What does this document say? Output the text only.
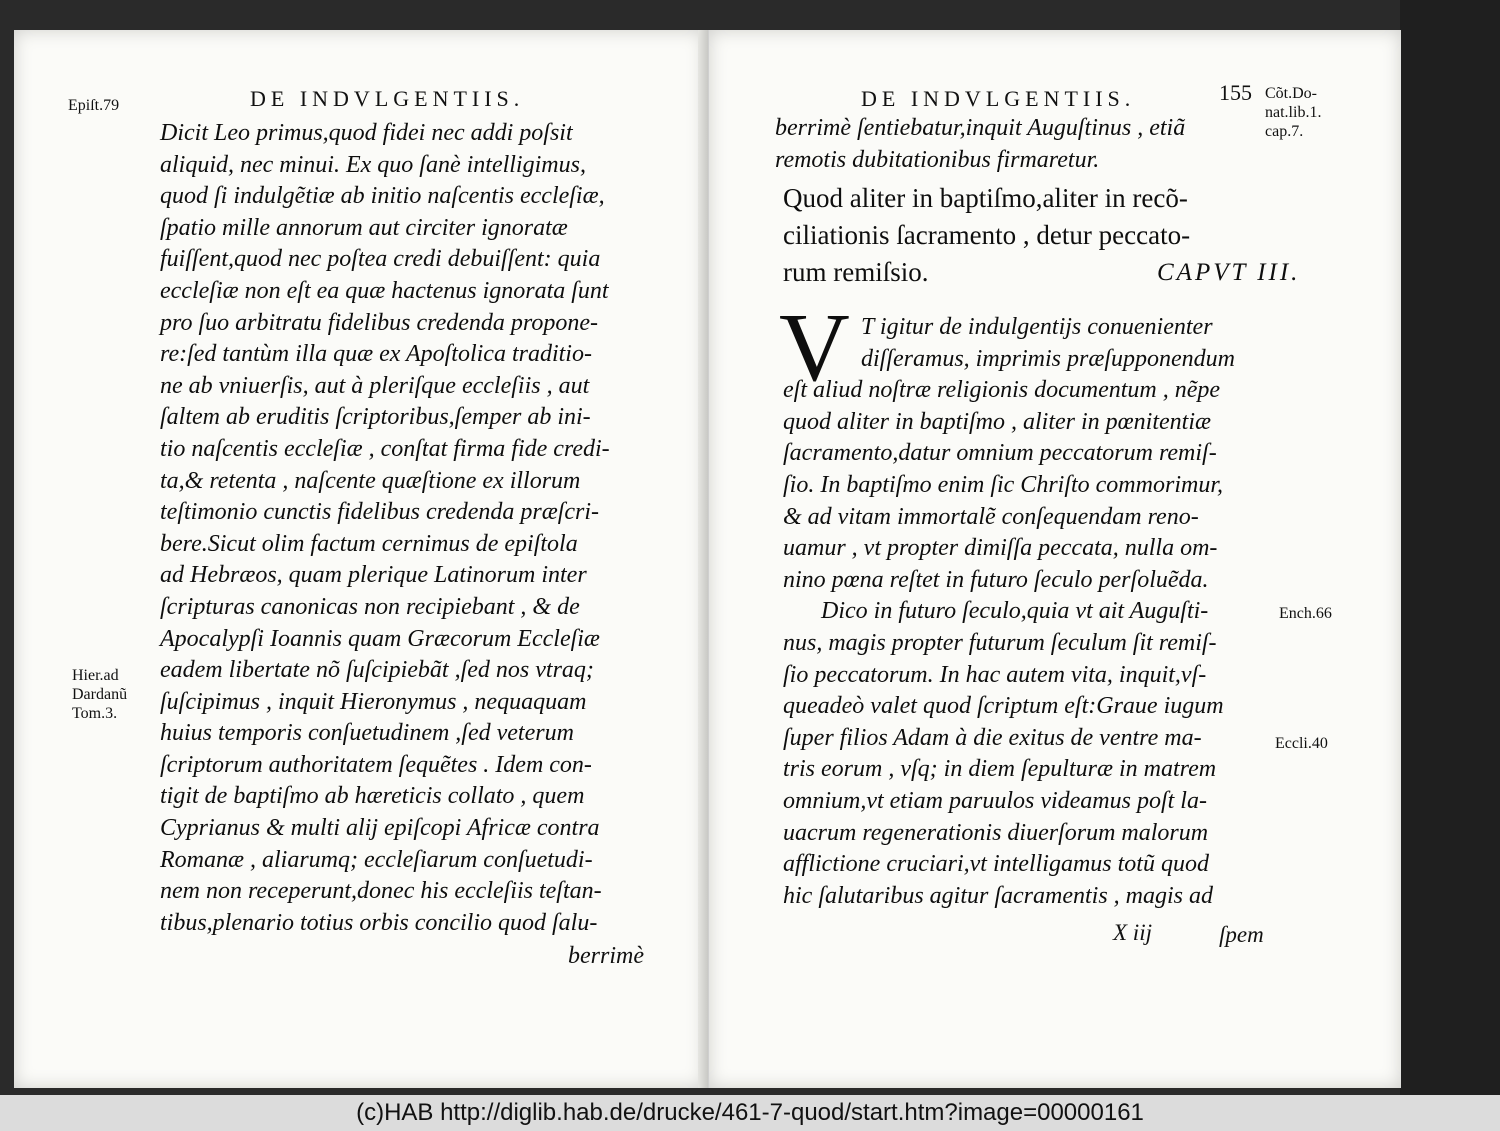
DE INDVLGENTIIS.
Epiſt.79
Hier.ad
Dardanũ
Tom.3.
Dicit Leo primus,quod fidei nec addi poſsit
aliquid, nec minui. Ex quo ſanè intelligimus,
quod ſi indulgẽtiæ ab initio naſcentis eccleſiæ,
ſpatio mille annorum aut circiter ignoratæ
fuiſſent,quod nec poſtea credi debuiſſent: quia
eccleſiæ non eſt ea quæ hactenus ignorata ſunt
pro ſuo arbitratu fidelibus credenda propone-
re:ſed tantùm illa quæ ex Apoſtolica traditio-
ne ab vniuerſis, aut à pleriſque eccleſiis , aut
ſaltem ab eruditis ſcriptoribus,ſemper ab ini-
tio naſcentis eccleſiæ , conſtat firma fide credi-
ta,& retenta , naſcente quæſtione ex illorum
teſtimonio cunctis fidelibus credenda præſcri-
bere.Sicut olim factum cernimus de epiſtola
ad Hebræos, quam plerique Latinorum inter
ſcripturas canonicas non recipiebant , & de
Apocalypſi Ioannis quam Græcorum Eccleſiæ
eadem libertate nõ ſuſcipiebãt ,ſed nos vtraq;
ſuſcipimus , inquit Hieronymus , nequaquam
huius temporis conſuetudinem ,ſed veterum
ſcriptorum authoritatem ſequẽtes . Idem con-
tigit de baptiſmo ab hæreticis collato , quem
Cyprianus & multi alij epiſcopi Africæ contra
Romanæ , aliarumq; eccleſiarum conſuetudi-
nem non receperunt,donec his eccleſiis teſtan-
tibus,plenario totius orbis concilio quod ſalu-
berrimè
DE INDVLGENTIIS.	155 Cõt.Do-
nat.lib.1.
cap.7.
Ench.66
Eccli.40
berrimè ſentiebatur,inquit Auguſtinus , etiã
remotis dubitationibus firmaretur.
Quod aliter in baptiſmo,aliter in recõ-
ciliationis ſacramento , detur peccato-
rum remiſsio.	CAPVT III.
V T igitur de indulgentijs conuenienter
diſſeramus, imprimis præſupponendum
eſt aliud noſtræ religionis documentum , nẽpe
quod aliter in baptiſmo , aliter in pœnitentiæ
ſacramento,datur omnium peccatorum remiſ-
ſio. In baptiſmo enim ſic Chriſto commorimur,
& ad vitam immortalẽ conſequendam reno-
uamur , vt propter dimiſſa peccata, nulla om-
nino pœna reſtet in futuro ſeculo perſoluẽda.
Dico in futuro ſeculo,quia vt ait Auguſti-
nus, magis propter futurum ſeculum ſit remiſ-
ſio peccatorum. In hac autem vita, inquit,vſ-
queadeò valet quod ſcriptum eſt:Graue iugum
ſuper filios Adam à die exitus de ventre ma-
tris eorum , vſq; in diem ſepulturæ in matrem
omnium,vt etiam paruulos videamus poſt la-
uacrum regenerationis diuerſorum malorum
afflictione cruciari,vt intelligamus totũ quod
hic ſalutaribus agitur ſacramentis , magis ad
X iij	ſpem
(c)HAB http://diglib.hab.de/drucke/461-7-quod/start.htm?image=00000161
